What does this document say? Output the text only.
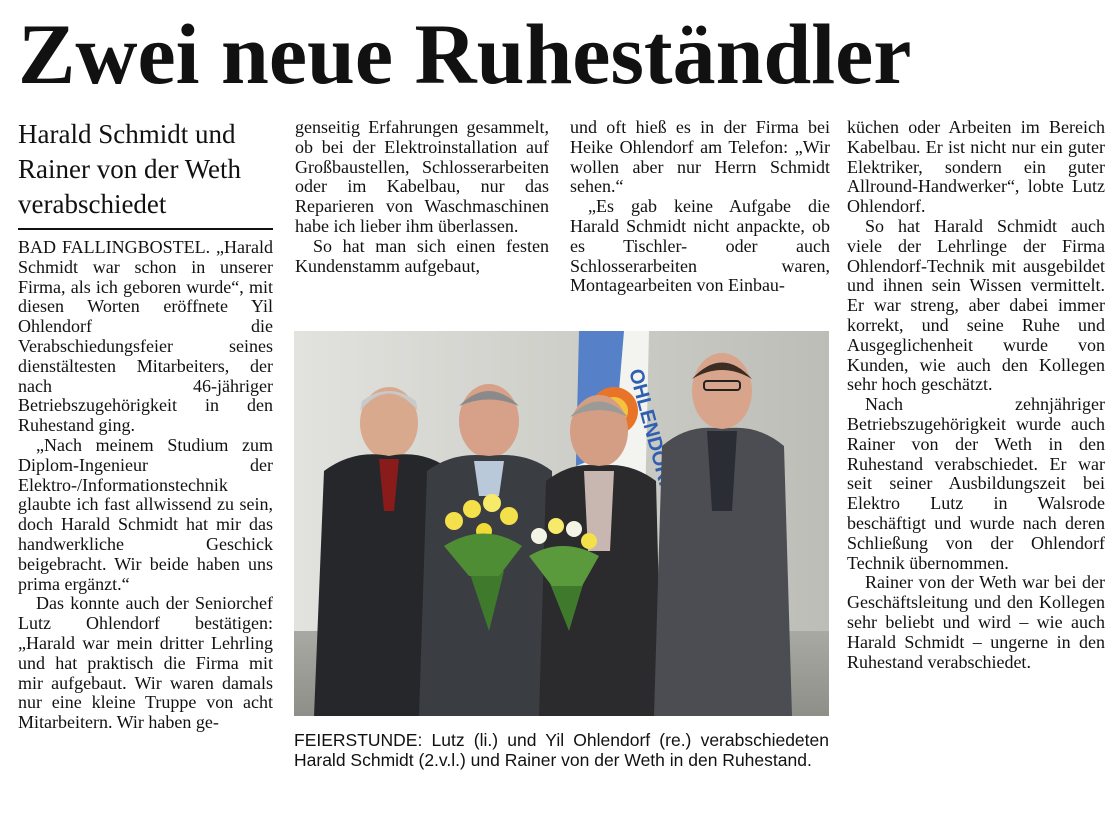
Zwei neue Ruheständler
Harald Schmidt und Rainer von der Weth verabschiedet

BAD FALLINGBOSTEL. „Harald Schmidt war schon in unserer Firma, als ich geboren wurde“, mit diesen Worten eröffnete Yil Ohlendorf die Verabschiedungsfeier seines dienstältesten Mitarbeiters, der nach 46-jähriger Betriebszugehörigkeit in den Ruhestand ging.

„Nach meinem Studium zum Diplom-Ingenieur der Elektro-/Informationstechnik glaubte ich fast allwissend zu sein, doch Harald Schmidt hat mir das handwerkliche Geschick beigebracht. Wir beide haben uns prima ergänzt.“

Das konnte auch der Seniorchef Lutz Ohlendorf bestätigen: „Harald war mein dritter Lehrling und hat praktisch die Firma mit mir aufgebaut. Wir waren damals nur eine kleine Truppe von acht Mitarbeitern. Wir haben ge-

genseitig Erfahrungen gesammelt, ob bei der Elektroinstallation auf Großbaustellen, Schlosserarbeiten oder im Kabelbau, nur das Reparieren von Waschmaschinen habe ich lieber ihm überlassen.

So hat man sich einen festen Kundenstamm aufgebaut,

und oft hieß es in der Firma bei Heike Ohlendorf am Telefon: „Wir wollen aber nur Herrn Schmidt sehen.“

„Es gab keine Aufgabe die Harald Schmidt nicht anpackte, ob es Tischler- oder auch Schlosserarbeiten waren, Montagearbeiten von Einbau-

küchen oder Arbeiten im Bereich Kabelbau. Er ist nicht nur ein guter Elektriker, sondern ein guter Allround-Handwerker“, lobte Lutz Ohlendorf.

So hat Harald Schmidt auch viele der Lehrlinge der Firma Ohlendorf-Technik mit ausgebildet und ihnen sein Wissen vermittelt. Er war streng, aber dabei immer korrekt, und seine Ruhe und Ausgeglichenheit wurde von Kunden, wie auch den Kollegen sehr hoch geschätzt.

Nach zehnjähriger Betriebszugehörigkeit wurde auch Rainer von der Weth in den Ruhestand verabschiedet. Er war seit seiner Ausbildungszeit bei Elektro Lutz in Walsrode beschäftigt und wurde nach deren Schließung von der Ohlendorf Technik übernommen.

Rainer von der Weth war bei der Geschäftsleitung und den Kollegen sehr beliebt und wird – wie auch Harald Schmidt – ungerne in den Ruhestand verabschiedet.

OHLENDORF
FEIERSTUNDE: Lutz (li.) und Yil Ohlendorf (re.) verabschiedeten Harald Schmidt (2.v.l.) und Rainer von der Weth in den Ruhestand.
